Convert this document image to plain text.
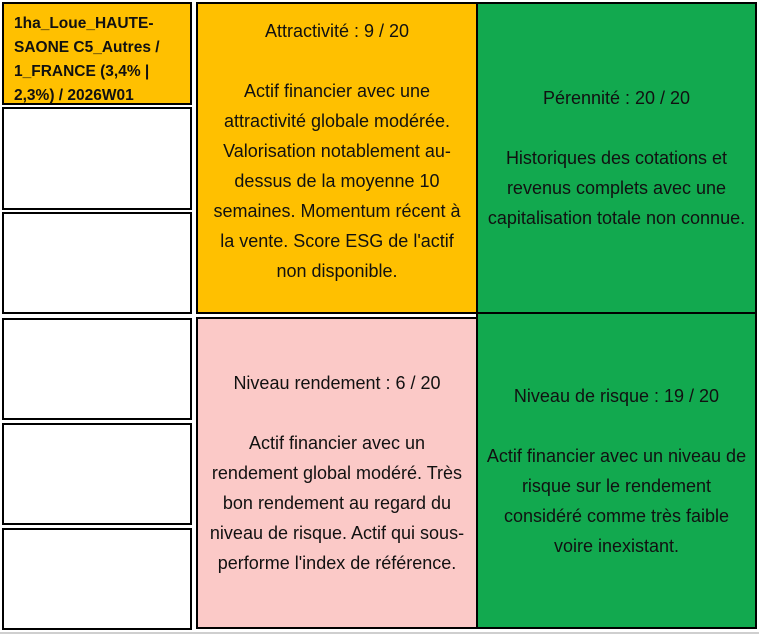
1ha_Loue_HAUTE-SAONE C5_Autres / 1_FRANCE (3,4% | 2,3%) / 2026W01
Attractivité : 9 / 20
Actif financier avec une attractivité globale modérée. Valorisation notablement au-dessus de la moyenne 10 semaines. Momentum récent à la vente. Score ESG de l'actif non disponible.
Niveau rendement : 6 / 20
Actif financier avec un rendement global modéré. Très bon rendement au regard du niveau de risque. Actif qui sous-performe l'index de référence.
Pérennité : 20 / 20
Historiques des cotations et revenus complets avec une capitalisation totale non connue.
Niveau de risque : 19 / 20
Actif financier avec un niveau de risque sur le rendement considéré comme très faible voire inexistant.
